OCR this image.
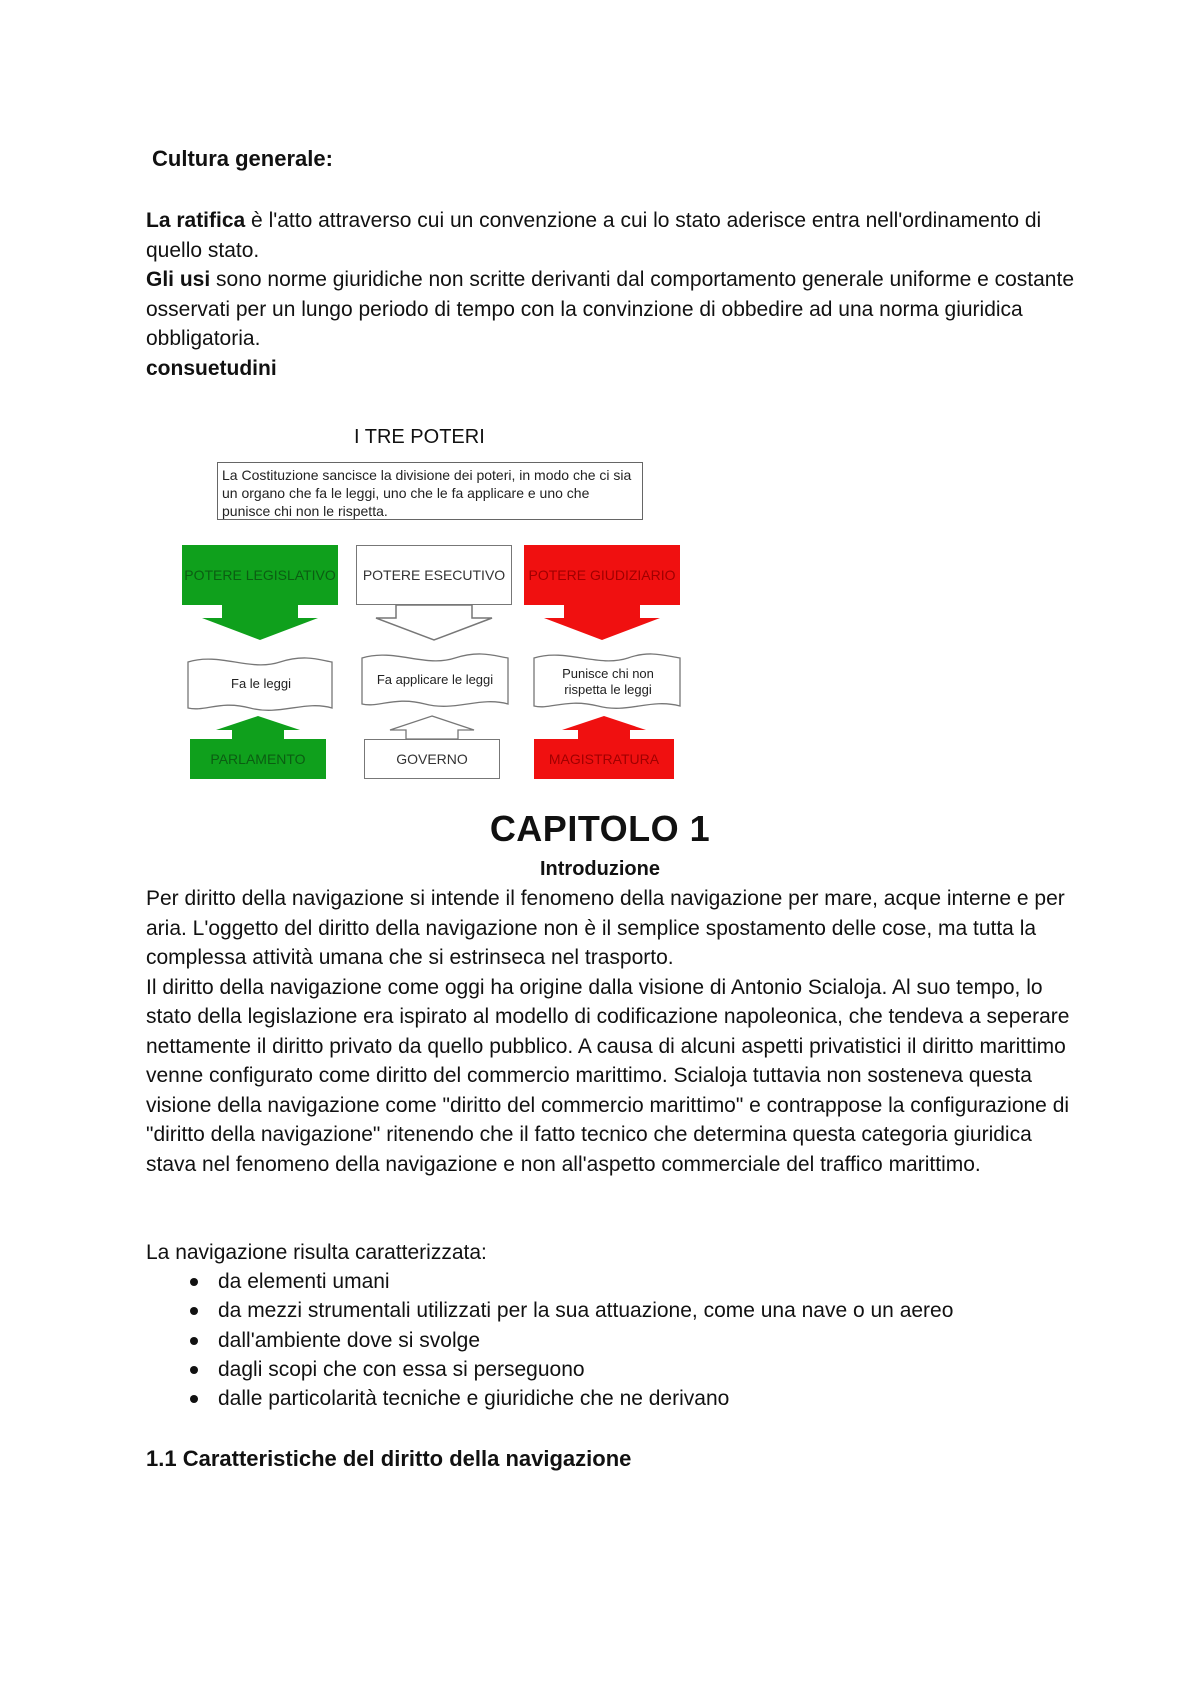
Cultura generale:
La ratifica è l'atto attraverso cui un convenzione a cui lo stato aderisce entra nell'ordinamento di quello stato.
Gli usi sono norme giuridiche non scritte derivanti dal comportamento generale uniforme e costante osservati per un lungo periodo di tempo con la convinzione di obbedire ad una norma giuridica obbligatoria.
consuetudini
I TRE POTERI
La Costituzione sancisce la divisione dei poteri, in modo che ci sia un organo che fa le leggi, uno che le fa applicare e uno che punisce chi non le rispetta.
POTERE LEGISLATIVO	POTERE ESECUTIVO	POTERE GIUDIZIARIO
Fa le leggi	Fa applicare le leggi	Punisce chi non rispetta le leggi
PARLAMENTO	GOVERNO	MAGISTRATURA
CAPITOLO 1
Introduzione
Per diritto della navigazione si intende il fenomeno della navigazione per mare, acque interne e per aria. L'oggetto del diritto della navigazione non è il semplice spostamento delle cose, ma tutta la complessa attività umana che si estrinseca nel trasporto.
Il diritto della navigazione come oggi ha origine dalla visione di Antonio Scialoja. Al suo tempo, lo stato della legislazione era ispirato al modello di codificazione napoleonica, che tendeva a seperare nettamente il diritto privato da quello pubblico. A causa di alcuni aspetti privatistici il diritto marittimo venne configurato come diritto del commercio marittimo. Scialoja tuttavia non sosteneva questa visione della navigazione come "diritto del commercio marittimo" e contrappose la configurazione di "diritto della navigazione" ritenendo che il fatto tecnico che determina questa categoria giuridica stava nel fenomeno della navigazione e non all'aspetto commerciale del traffico marittimo.
La navigazione risulta caratterizzata:
da elementi umani
da mezzi strumentali utilizzati per la sua attuazione, come una nave o un aereo
dall'ambiente dove si svolge
dagli scopi che con essa si perseguono
dalle particolarità tecniche e giuridiche che ne derivano
1.1 Caratteristiche del diritto della navigazione
